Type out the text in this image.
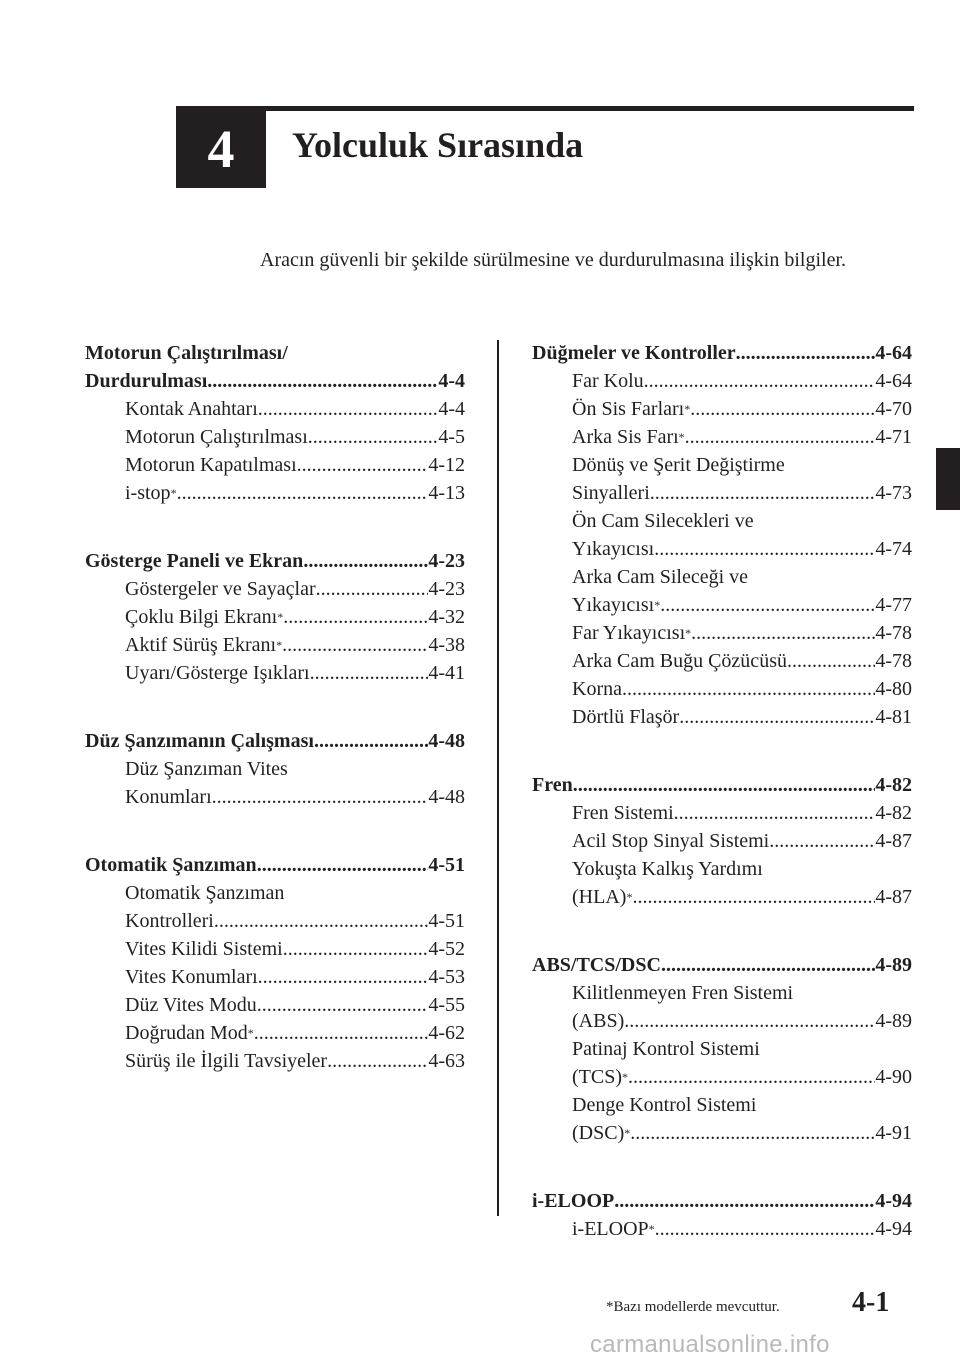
4 Yolculuk Sırasında
Aracın güvenli bir şekilde sürülmesine ve durdurulmasına ilişkin bilgiler.
Motorun Çalıştırılması/
Durdurulması .....	4-4
Kontak Anahtarı .....	4-4
Motorun Çalıştırılması .....	4-5
Motorun Kapatılması .....	4-12
i-stop* .....	4-13
Gösterge Paneli ve Ekran .....	4-23
Göstergeler ve Sayaçlar .....	4-23
Çoklu Bilgi Ekranı * .....	4-32
Aktif Sürüş Ekranı* .....	4-38
Uyarı/Gösterge Işıkları .....	4-41
Düz Şanzımanın Çalışması .....	4-48
Düz Şanzıman Vites
Konumları .....	4-48
Otomatik Şanzıman .....	4-51
Otomatik Şanzıman
Kontrolleri .....	4-51
Vites Kilidi Sistemi .....	4-52
Vites Konumları .....	4-53
Düz Vites Modu .....	4-55
Doğrudan Mod* .....	4-62
Sürüş ile İlgili Tavsiyeler .....	4-63
Düğmeler ve Kontroller .....	4-64
Far Kolu .....	4-64
Ön Sis Farları* .....	4-70
Arka Sis Farı* .....	4-71
Dönüş ve Şerit Değiştirme
Sinyalleri .....	4-73
Ön Cam Silecekleri ve
Yıkayıcısı .....	4-74
Arka Cam Sileceği ve
Yıkayıcısı* .....	4-77
Far Yıkayıcısı* .....	4-78
Arka Cam Buğu Çözücüsü .....	4-78
Korna .....	4-80
Dörtlü Flaşör .....	4-81
Fren .....	4-82
Fren Sistemi .....	4-82
Acil Stop Sinyal Sistemi .....	4-87
Yokuşta Kalkış Yardımı
(HLA)* .....	4-87
ABS/TCS/DSC .....	4-89
Kilitlenmeyen Fren Sistemi
(ABS) .....	4-89
Patinaj Kontrol Sistemi
(TCS)* .....	4-90
Denge Kontrol Sistemi
(DSC)* .....	4-91
i-ELOOP .....	4-94
i-ELOOP* .....	4-94
*Bazı modellerde mevcuttur.	4-1
carmanualsonline.info
